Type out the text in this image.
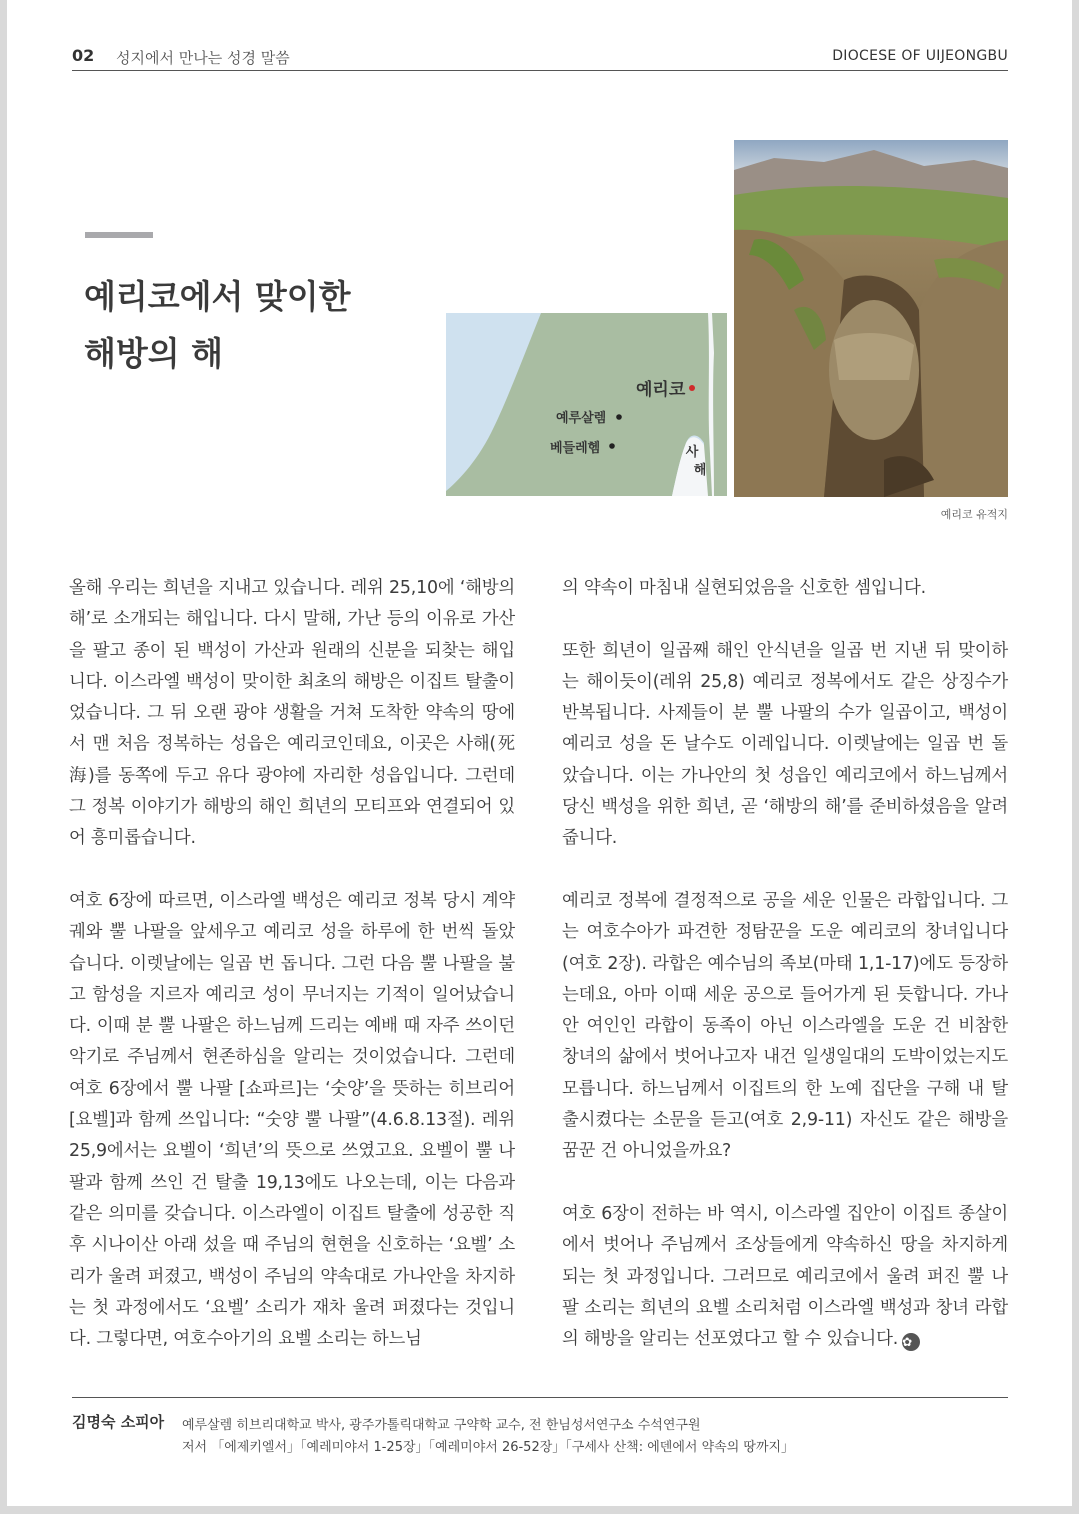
02 성지에서 만나는 성경 말씀	DIOCESE OF UIJEONGBU
예리코에서 맞이한
해방의 해
예리코
예루살렘
베들레헴	사
해
예리코 유적지

올해 우리는 희년을 지내고 있습니다. 레위 25,10에 ‘해방의 해’로 소개되는 해입니다. 다시 말해, 가난 등의 이유로 가산을 팔고 종이 된 백성이 가산과 원래의 신분을 되찾는 해입니다. 이스라엘 백성이 맞이한 최초의 해방은 이집트 탈출이었습니다. 그 뒤 오랜 광야 생활을 거쳐 도착한 약속의 땅에서 맨 처음 정복하는 성읍은 예리코인데요, 이곳은 사해(死海)를 동쪽에 두고 유다 광야에 자리한 성읍입니다. 그런데 그 정복 이야기가 해방의 해인 희년의 모티프와 연결되어 있어 흥미롭습니다.

여호 6장에 따르면, 이스라엘 백성은 예리코 정복 당시 계약 궤와 뿔 나팔을 앞세우고 예리코 성을 하루에 한 번씩 돌았습니다. 이렛날에는 일곱 번 돕니다. 그런 다음 뿔 나팔을 불고 함성을 지르자 예리코 성이 무너지는 기적이 일어났습니다. 이때 분 뿔 나팔은 하느님께 드리는 예배 때 자주 쓰이던 악기로 주님께서 현존하심을 알리는 것이었습니다. 그런데 여호 6장에서 뿔 나팔 [쇼파르]는 ‘숫양’을 뜻하는 히브리어 [요벨]과 함께 쓰입니다: “숫양 뿔 나팔”(4.6.8.13절). 레위 25,9에서는 요벨이 ‘희년’의 뜻으로 쓰였고요. 요벨이 뿔 나팔과 함께 쓰인 건 탈출 19,13에도 나오는데, 이는 다음과 같은 의미를 갖습니다. 이스라엘이 이집트 탈출에 성공한 직후 시나이산 아래 섰을 때 주님의 현현을 신호하는 ‘요벨’ 소리가 울려 퍼졌고, 백성이 주님의 약속대로 가나안을 차지하는 첫 과정에서도 ‘요벨’ 소리가 재차 울려 퍼졌다는 것입니다. 그렇다면, 여호수아기의 요벨 소리는 하느님

의 약속이 마침내 실현되었음을 신호한 셈입니다.

또한 희년이 일곱째 해인 안식년을 일곱 번 지낸 뒤 맞이하는 해이듯이(레위 25,8) 예리코 정복에서도 같은 상징수가 반복됩니다. 사제들이 분 뿔 나팔의 수가 일곱이고, 백성이 예리코 성을 돈 날수도 이레입니다. 이렛날에는 일곱 번 돌았습니다. 이는 가나안의 첫 성읍인 예리코에서 하느님께서 당신 백성을 위한 희년, 곧 ‘해방의 해’를 준비하셨음을 알려줍니다.

예리코 정복에 결정적으로 공을 세운 인물은 라합입니다. 그는 여호수아가 파견한 정탐꾼을 도운 예리코의 창녀입니다(여호 2장). 라합은 예수님의 족보(마태 1,1-17)에도 등장하는데요, 아마 이때 세운 공으로 들어가게 된 듯합니다. 가나안 여인인 라합이 동족이 아닌 이스라엘을 도운 건 비참한 창녀의 삶에서 벗어나고자 내건 일생일대의 도박이었는지도 모릅니다. 하느님께서 이집트의 한 노예 집단을 구해 내 탈출시켰다는 소문을 듣고(여호 2,9-11) 자신도 같은 해방을 꿈꾼 건 아니었을까요?

여호 6장이 전하는 바 역시, 이스라엘 집안이 이집트 종살이에서 벗어나 주님께서 조상들에게 약속하신 땅을 차지하게 되는 첫 과정입니다. 그러므로 예리코에서 울려 퍼진 뿔 나팔 소리는 희년의 요벨 소리처럼 이스라엘 백성과 창녀 라합의 해방을 알리는 선포였다고 할 수 있습니다. ✿

김명숙 소피아 예루살렘 히브리대학교 박사, 광주가톨릭대학교 구약학 교수, 전 한님성서연구소 수석연구원
저서 「에제키엘서」「예레미야서 1-25장」「예레미야서 26-52장」「구세사 산책: 에덴에서 약속의 땅까지」
